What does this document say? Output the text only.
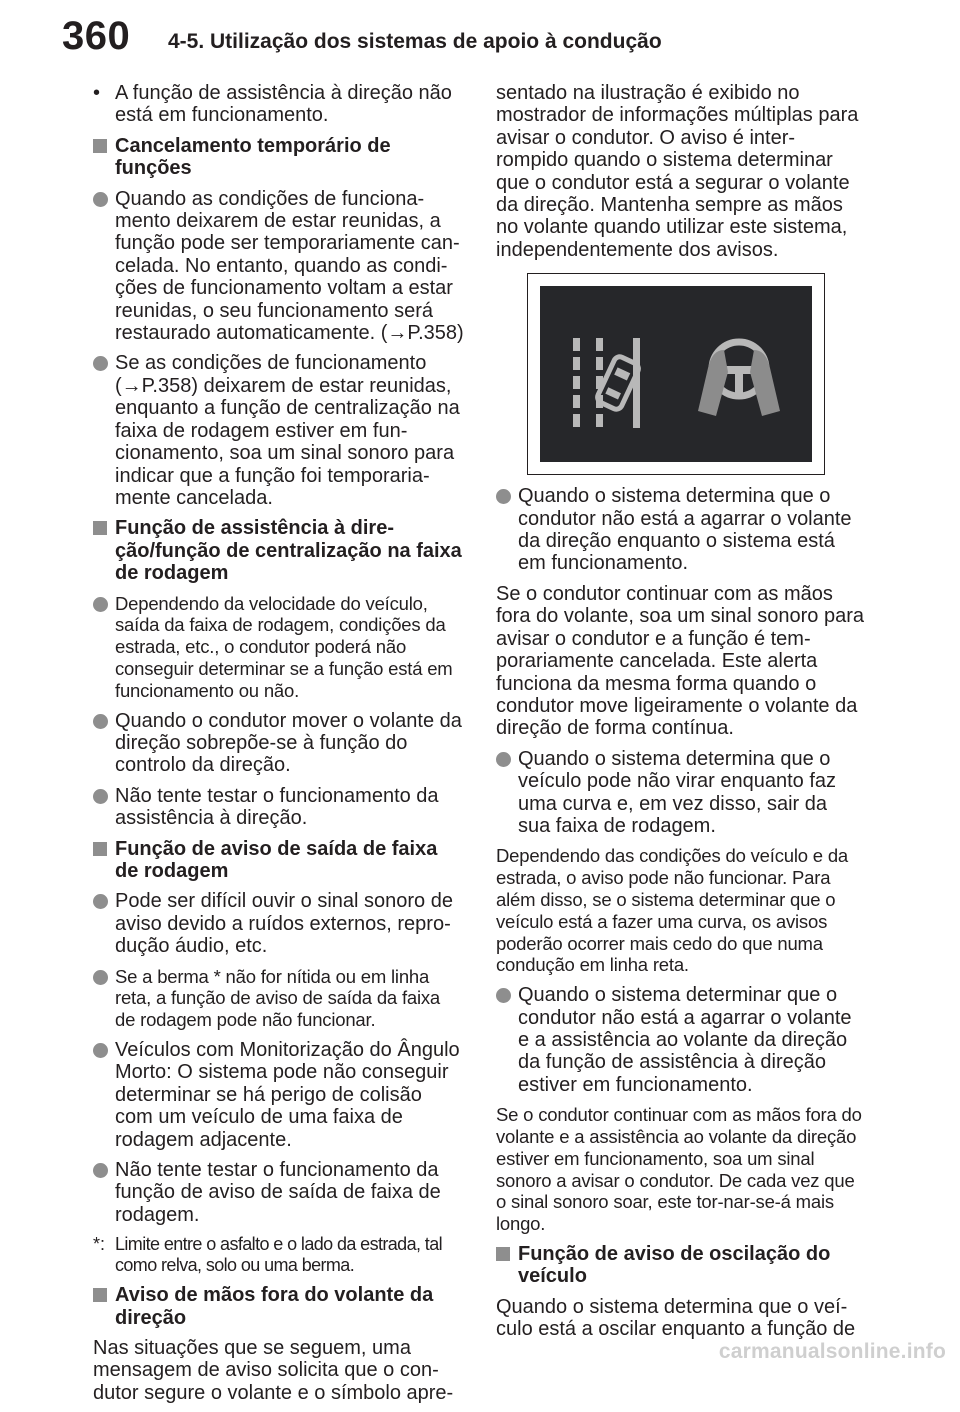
360 4-5. Utilização dos sistemas de apoio à condução
• A função de assistência à direção não está em funcionamento.
Cancelamento temporário de funções
Quando as condições de funciona-mento deixarem de estar reunidas, a função pode ser temporariamente can-celada. No entanto, quando as condi-ções de funcionamento voltam a estar reunidas, o seu funcionamento será restaurado automaticamente. (→P.358)
Se as condições de funcionamento (→P.358) deixarem de estar reunidas, enquanto a função de centralização na faixa de rodagem estiver em fun-cionamento, soa um sinal sonoro para indicar que a função foi temporaria-mente cancelada.
Função de assistência à dire-ção/função de centralização na faixa de rodagem
Dependendo da velocidade do veículo, saída da faixa de rodagem, condições da estrada, etc., o condutor poderá não conseguir determinar se a função está em funcionamento ou não.
Quando o condutor mover o volante da direção sobrepõe-se à função do controlo da direção.
Não tente testar o funcionamento da assistência à direção.
Função de aviso de saída de faixa de rodagem
Pode ser difícil ouvir o sinal sonoro de aviso devido a ruídos externos, repro-dução áudio, etc.
Se a berma * não for nítida ou em linha reta, a função de aviso de saída da faixa de rodagem pode não funcionar.
Veículos com Monitorização do Ângulo Morto: O sistema pode não conseguir determinar se há perigo de colisão com um veículo de uma faixa de rodagem adjacente.
Não tente testar o funcionamento da função de aviso de saída de faixa de rodagem.
*: Limite entre o asfalto e o lado da estrada, tal como relva, solo ou uma berma.
Aviso de mãos fora do volante da direção
Nas situações que se seguem, uma mensagem de aviso solicita que o con-dutor segure o volante e o símbolo apre-
sentado na ilustração é exibido no mostrador de informações múltiplas para avisar o condutor. O aviso é inter-rompido quando o sistema determinar que o condutor está a segurar o volante da direção. Mantenha sempre as mãos no volante quando utilizar este sistema, independentemente dos avisos.
Quando o sistema determina que o condutor não está a agarrar o volante da direção enquanto o sistema está em funcionamento.
Se o condutor continuar com as mãos fora do volante, soa um sinal sonoro para avisar o condutor e a função é tem-porariamente cancelada. Este alerta funciona da mesma forma quando o condutor move ligeiramente o volante da direção de forma contínua.
Quando o sistema determina que o veículo pode não virar enquanto faz uma curva e, em vez disso, sair da sua faixa de rodagem.
Dependendo das condições do veículo e da estrada, o aviso pode não funcionar. Para além disso, se o sistema determinar que o veículo está a fazer uma curva, os avisos poderão ocorrer mais cedo do que numa condução em linha reta.
Quando o sistema determinar que o condutor não está a agarrar o volante e a assistência ao volante da direção da função de assistência à direção estiver em funcionamento.
Se o condutor continuar com as mãos fora do volante e a assistência ao volante da direção estiver em funcionamento, soa um sinal sonoro a avisar o condutor. De cada vez que o sinal sonoro soar, este tor-nar-se-á mais longo.
Função de aviso de oscilação do veículo
Quando o sistema determina que o veí-culo está a oscilar enquanto a função de
carmanualsonline.info
